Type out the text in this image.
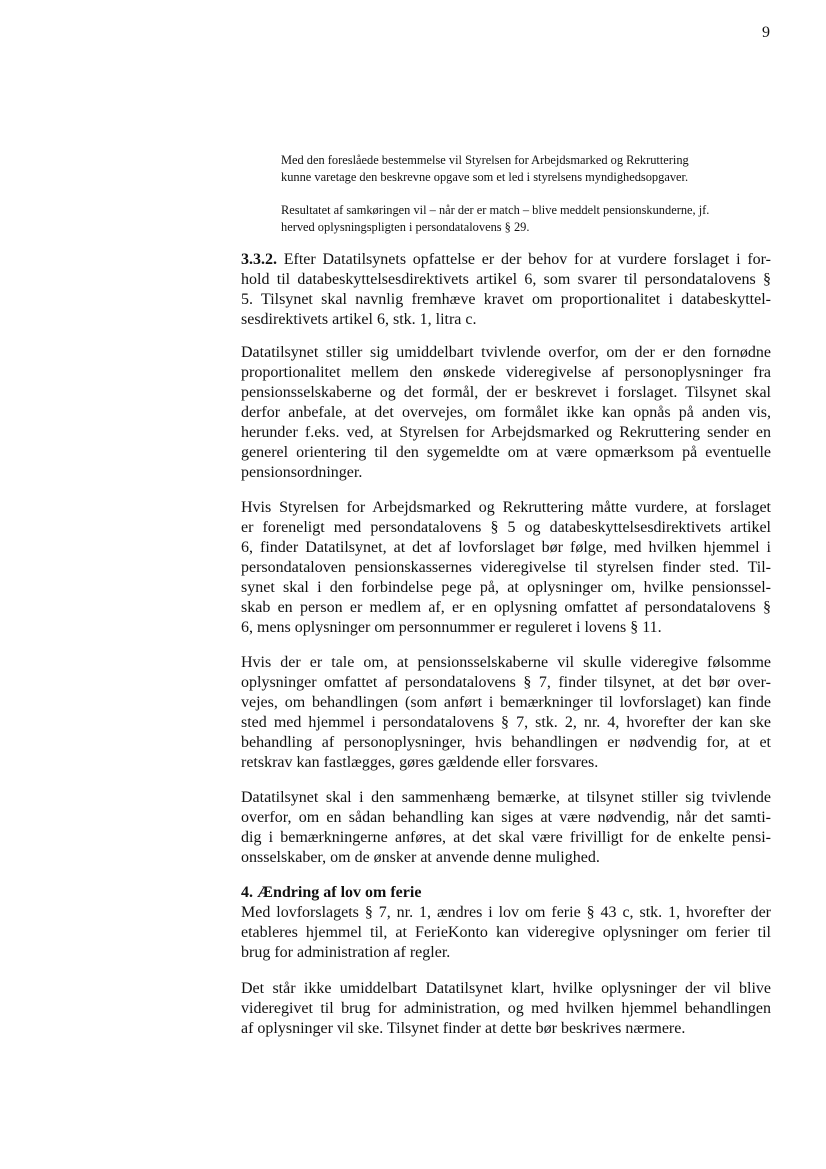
9
Med den foreslåede bestemmelse vil Styrelsen for Arbejdsmarked og Rekruttering
kunne varetage den beskrevne opgave som et led i styrelsens myndighedsopgaver.
Resultatet af samkøringen vil – når der er match – blive meddelt pensionskunderne, jf.
herved oplysningspligten i persondatalovens § 29.
3.3.2. Efter Datatilsynets opfattelse er der behov for at vurdere forslaget i for-
hold til databeskyttelsesdirektivets artikel 6, som svarer til persondatalovens §
5. Tilsynet skal navnlig fremhæve kravet om proportionalitet i databeskyttel-
sesdirektivets artikel 6, stk. 1, litra c.
Datatilsynet stiller sig umiddelbart tvivlende overfor, om der er den fornødne
proportionalitet mellem den ønskede videregivelse af personoplysninger fra
pensionsselskaberne og det formål, der er beskrevet i forslaget. Tilsynet skal
derfor anbefale, at det overvejes, om formålet ikke kan opnås på anden vis,
herunder f.eks. ved, at Styrelsen for Arbejdsmarked og Rekruttering sender en
generel orientering til den sygemeldte om at være opmærksom på eventuelle
pensionsordninger.
Hvis Styrelsen for Arbejdsmarked og Rekruttering måtte vurdere, at forslaget
er foreneligt med persondatalovens § 5 og databeskyttelsesdirektivets artikel
6, finder Datatilsynet, at det af lovforslaget bør følge, med hvilken hjemmel i
persondataloven pensionskassernes videregivelse til styrelsen finder sted. Til-
synet skal i den forbindelse pege på, at oplysninger om, hvilke pensionssel-
skab en person er medlem af, er en oplysning omfattet af persondatalovens §
6, mens oplysninger om personnummer er reguleret i lovens § 11.
Hvis der er tale om, at pensionsselskaberne vil skulle videregive følsomme
oplysninger omfattet af persondatalovens § 7, finder tilsynet, at det bør over-
vejes, om behandlingen (som anført i bemærkninger til lovforslaget) kan finde
sted med hjemmel i persondatalovens § 7, stk. 2, nr. 4, hvorefter der kan ske
behandling af personoplysninger, hvis behandlingen er nødvendig for, at et
retskrav kan fastlægges, gøres gældende eller forsvares.
Datatilsynet skal i den sammenhæng bemærke, at tilsynet stiller sig tvivlende
overfor, om en sådan behandling kan siges at være nødvendig, når det samti-
dig i bemærkningerne anføres, at det skal være frivilligt for de enkelte pensi-
onsselskaber, om de ønsker at anvende denne mulighed.
4. Ændring af lov om ferie
Med lovforslagets § 7, nr. 1, ændres i lov om ferie § 43 c, stk. 1, hvorefter der
etableres hjemmel til, at FerieKonto kan videregive oplysninger om ferier til
brug for administration af regler.
Det står ikke umiddelbart Datatilsynet klart, hvilke oplysninger der vil blive
videregivet til brug for administration, og med hvilken hjemmel behandlingen
af oplysninger vil ske. Tilsynet finder at dette bør beskrives nærmere.
